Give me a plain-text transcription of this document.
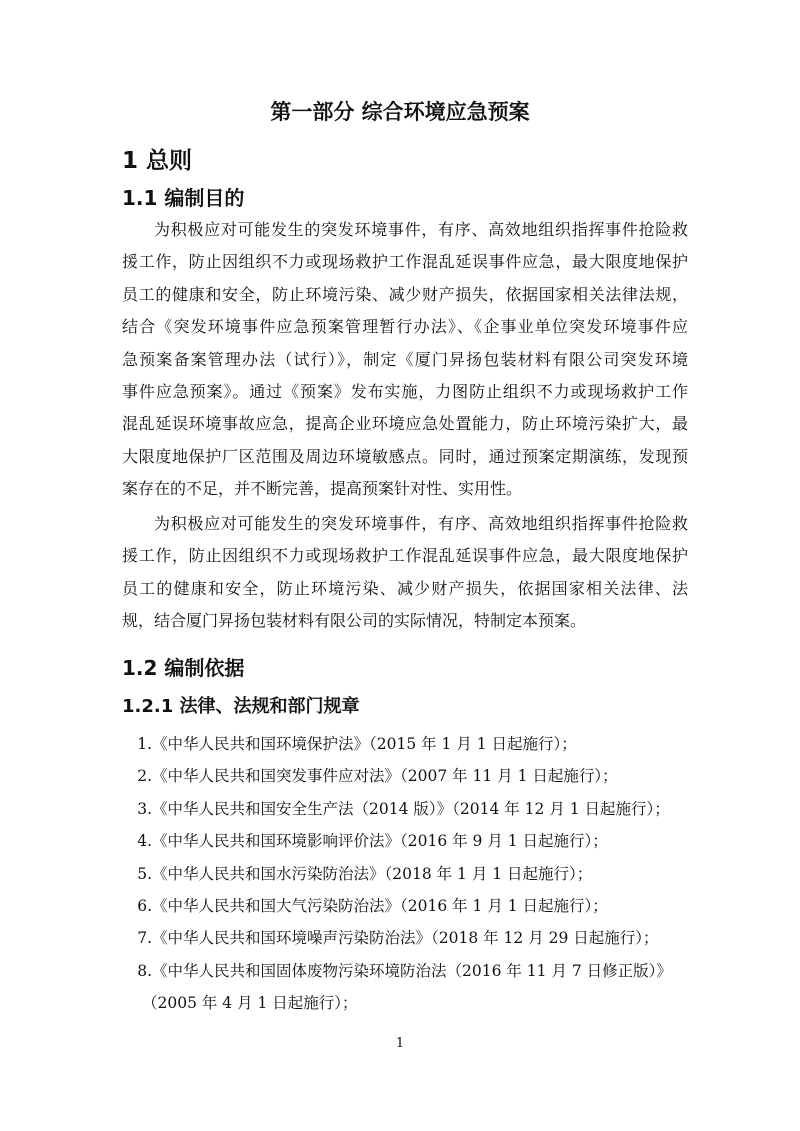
第一部分 综合环境应急预案
1 总则
1.1 编制目的
为积极应对可能发生的突发环境事件，有序、高效地组织指挥事件抢险救
援工作，防止因组织不力或现场救护工作混乱延误事件应急，最大限度地保护
员工的健康和安全，防止环境污染、减少财产损失，依据国家相关法律法规，
结合《突发环境事件应急预案管理暂行办法》、《企事业单位突发环境事件应
急预案备案管理办法（试行）》，制定《厦门昇扬包装材料有限公司突发环境
事件应急预案》。通过《预案》发布实施，力图防止组织不力或现场救护工作
混乱延误环境事故应急，提高企业环境应急处置能力，防止环境污染扩大，最
大限度地保护厂区范围及周边环境敏感点。同时，通过预案定期演练，发现预
案存在的不足，并不断完善，提高预案针对性、实用性。
为积极应对可能发生的突发环境事件，有序、高效地组织指挥事件抢险救
援工作，防止因组织不力或现场救护工作混乱延误事件应急，最大限度地保护
员工的健康和安全，防止环境污染、减少财产损失，依据国家相关法律、法
规，结合厦门昇扬包装材料有限公司的实际情况，特制定本预案。
1.2 编制依据
1.2.1 法律、法规和部门规章
1.《中华人民共和国环境保护法》（2015 年 1 月 1 日起施行）；
2.《中华人民共和国突发事件应对法》（2007 年 11 月 1 日起施行）；
3.《中华人民共和国安全生产法（2014 版）》（2014 年 12 月 1 日起施行）；
4.《中华人民共和国环境影响评价法》（2016 年 9 月 1 日起施行）；
5.《中华人民共和国水污染防治法》（2018 年 1 月 1 日起施行）；
6.《中华人民共和国大气污染防治法》（2016 年 1 月 1 日起施行）；
7.《中华人民共和国环境噪声污染防治法》（2018 年 12 月 29 日起施行）；
8.《中华人民共和国固体废物污染环境防治法（2016 年 11 月 7 日修正版）》
（2005 年 4 月 1 日起施行）；
1
